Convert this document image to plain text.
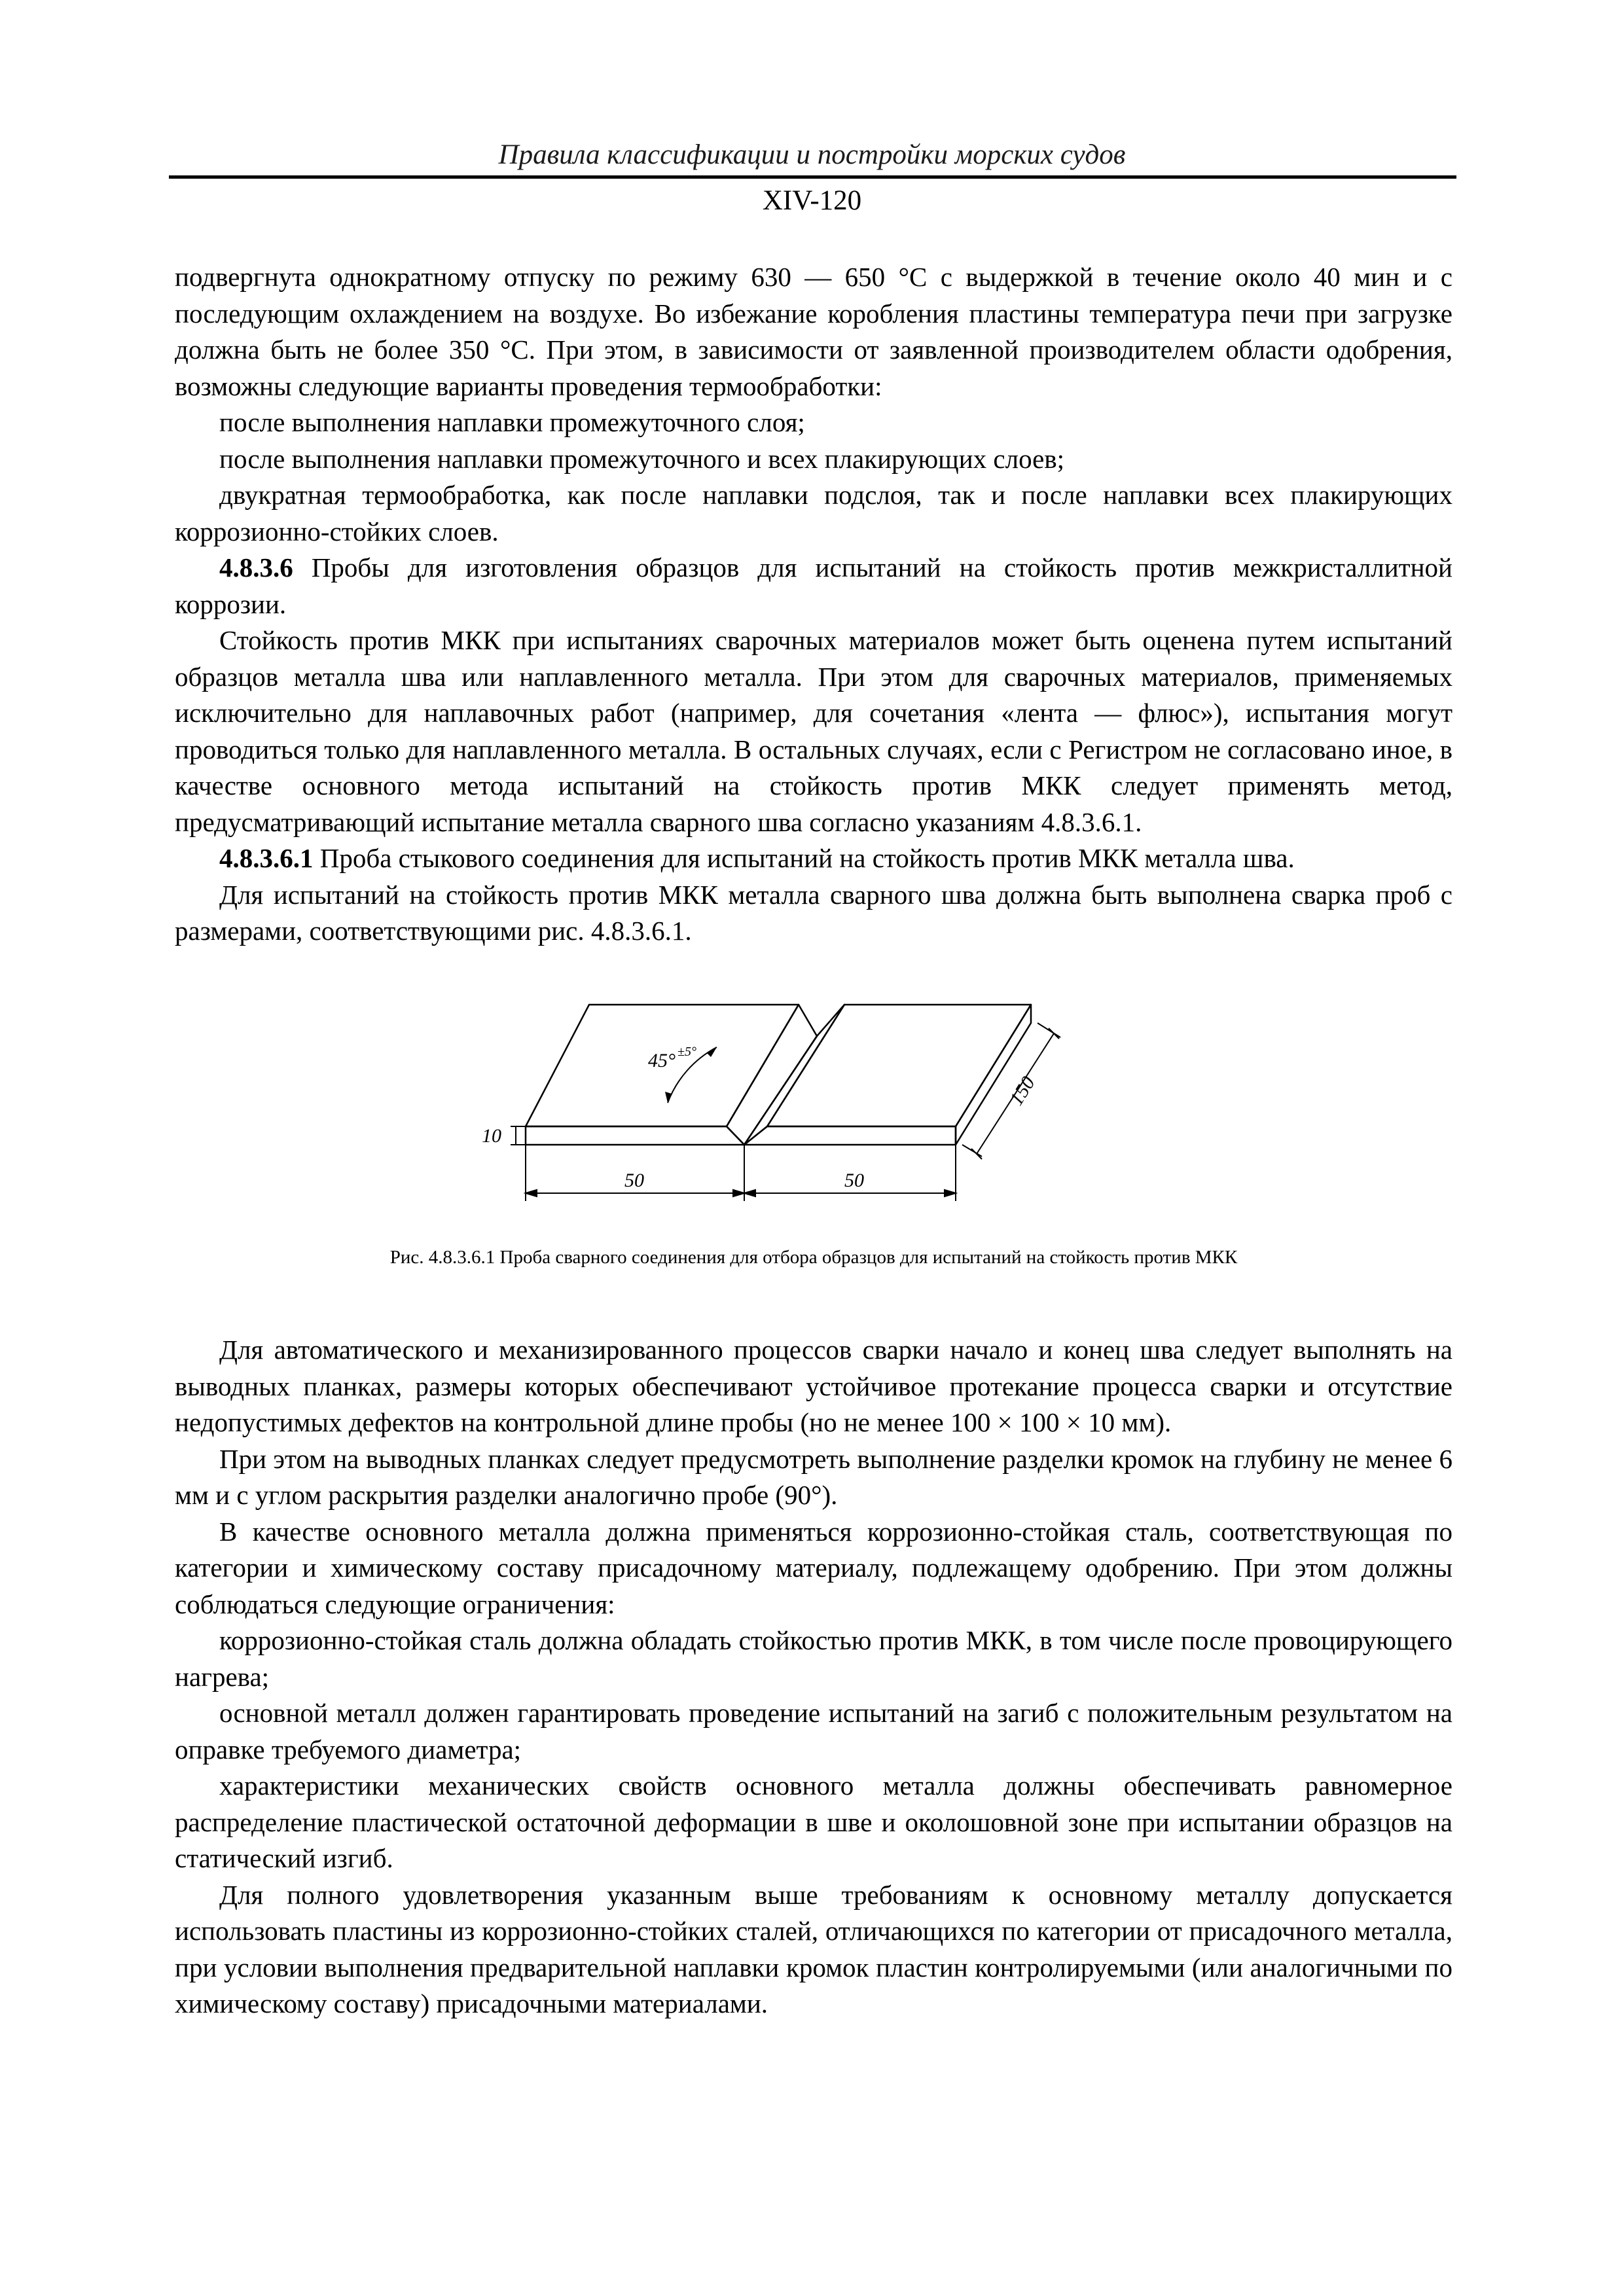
Правила классификации и постройки морских судов
XIV-120

подвергнута однократному отпуску по режиму 630 — 650 °C с выдержкой в течение около 40 мин и с последующим охлаждением на воздухе. Во избежание коробления пластины температура печи при загрузке должна быть не более 350 °C. При этом, в зависимости от заявленной производителем области одобрения, возможны следующие варианты проведения термообработки:

после выполнения наплавки промежуточного слоя;

после выполнения наплавки промежуточного и всех плакирующих слоев;

двукратная термообработка, как после наплавки подслоя, так и после наплавки всех плакирующих коррозионно-стойких слоев.

4.8.3.6 Пробы для изготовления образцов для испытаний на стойкость против межкристаллитной коррозии.

Стойкость против МКК при испытаниях сварочных материалов может быть оценена путем испытаний образцов металла шва или наплавленного металла. При этом для сварочных материалов, применяемых исключительно для наплавочных работ (например, для сочетания «лента — флюс»), испытания могут проводиться только для наплавленного металла. В остальных случаях, если с Регистром не согласовано иное, в качестве основного метода испытаний на стойкость против МКК следует применять метод, предусматривающий испытание металла сварного шва согласно указаниям 4.8.3.6.1.

4.8.3.6.1 Проба стыкового соединения для испытаний на стойкость против МКК металла шва.

Для испытаний на стойкость против МКК металла сварного шва должна быть выполнена сварка проб с размерами, соответствующими рис. 4.8.3.6.1.

45° ±5°
10
50	50
150
Рис. 4.8.3.6.1 Проба сварного соединения для отбора образцов для испытаний на стойкость против МКК

Для автоматического и механизированного процессов сварки начало и конец шва следует выполнять на выводных планках, размеры которых обеспечивают устойчивое протекание процесса сварки и отсутствие недопустимых дефектов на контрольной длине пробы (но не менее 100 × 100 × 10 мм).

При этом на выводных планках следует предусмотреть выполнение разделки кромок на глубину не менее 6 мм и с углом раскрытия разделки аналогично пробе (90°).

В качестве основного металла должна применяться коррозионно-стойкая сталь, соответствующая по категории и химическому составу присадочному материалу, подлежащему одобрению. При этом должны соблюдаться следующие ограничения:

коррозионно-стойкая сталь должна обладать стойкостью против МКК, в том числе после провоцирующего нагрева;

основной металл должен гарантировать проведение испытаний на загиб с положительным результатом на оправке требуемого диаметра;

характеристики механических свойств основного металла должны обеспечивать равномерное распределение пластической остаточной деформации в шве и околошовной зоне при испытании образцов на статический изгиб.

Для полного удовлетворения указанным выше требованиям к основному металлу допускается использовать пластины из коррозионно-стойких сталей, отличающихся по категории от присадочного металла, при условии выполнения предварительной наплавки кромок пластин контролируемыми (или аналогичными по химическому составу) присадочными материалами.
